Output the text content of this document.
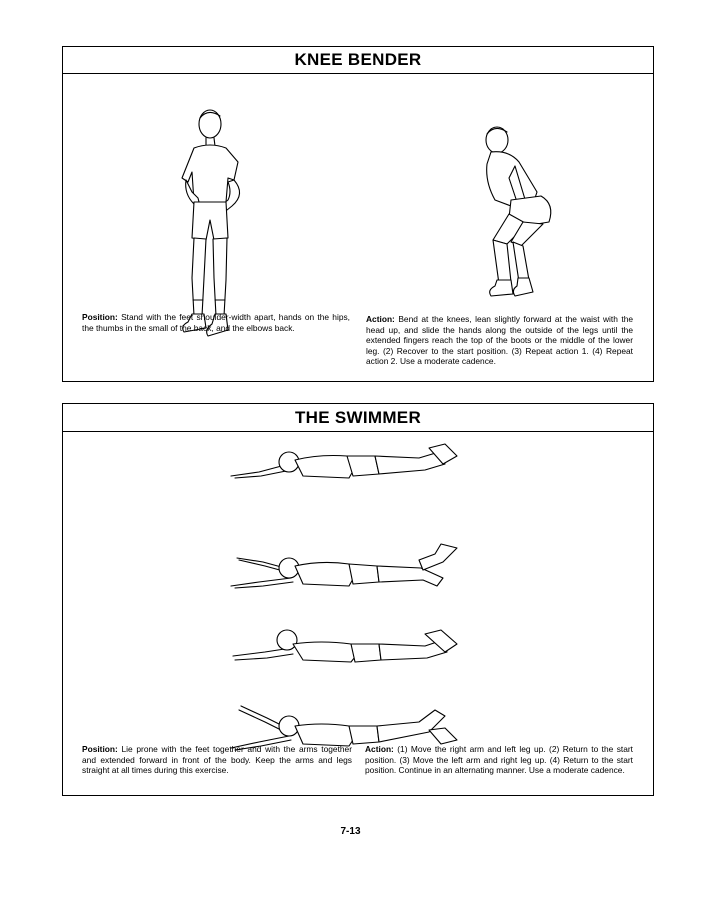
KNEE BENDER
Position: Stand with the feet shoulder-width apart, hands on the hips, the thumbs in the small of the back, and the elbows back.
Action: Bend at the knees, lean slightly forward at the waist with the head up, and slide the hands along the outside of the legs until the extended fingers reach the top of the boots or the middle of the lower leg. (2) Recover to the start position. (3) Repeat action 1. (4) Repeat action 2. Use a moderate cadence.
THE SWIMMER
Position: Lie prone with the feet together and with the arms together and extended forward in front of the body. Keep the arms and legs straight at all times during this exercise.
Action: (1) Move the right arm and left leg up. (2) Return to the start position. (3) Move the left arm and right leg up. (4) Return to the start position. Continue in an alternating manner. Use a moderate cadence.
7-13
